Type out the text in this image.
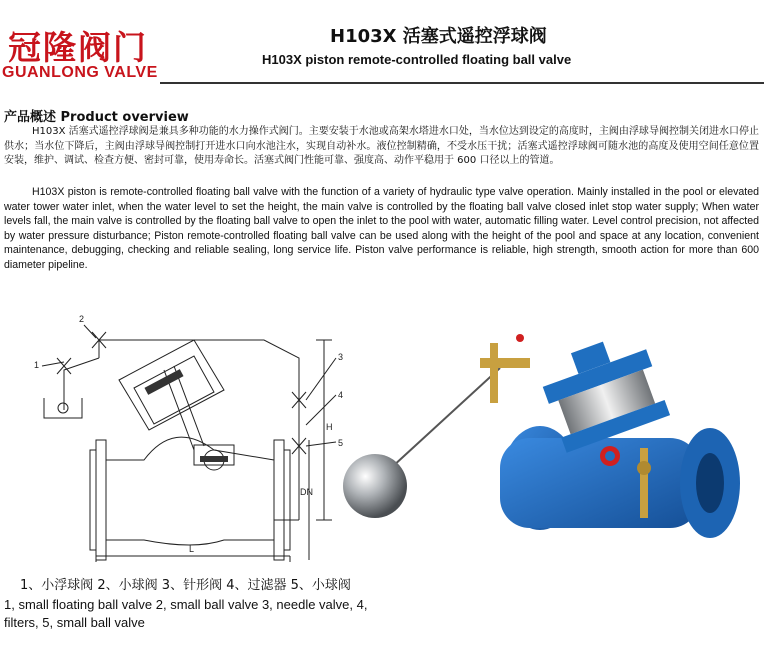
冠隆阀门
GUANLONG VALVE
H103X 活塞式遥控浮球阀
H103X piston remote-controlled floating ball valve
产品概述 Product overview

H103X 活塞式遥控浮球阀是兼具多种功能的水力操作式阀门。主要安装于水池或高架水塔进水口处，当水位达到设定的高度时，主阀由浮球导阀控制关闭进水口停止供水；当水位下降后，主阀由浮球导阀控制打开进水口向水池注水，实现自动补水。液位控制精确，不受水压干扰；活塞式遥控浮球阀可随水池的高度及使用空间任意位置安装，维护、调试、检查方便、密封可靠，使用寿命长。活塞式阀门性能可靠、强度高、动作平稳用于 600 口径以上的管道。

H103X piston is remote-controlled floating ball valve with the function of a variety of hydraulic type valve operation. Mainly installed in the pool or elevated water tower water inlet, when the water level to set the height, the main valve is controlled by the floating ball valve closed inlet stop water supply; When water levels fall, the main valve is controlled by the floating ball valve to open the inlet to the pool with water, automatic filling water. Level control precision, not affected by water pressure disturbance; Piston remote-controlled floating ball valve can be used along with the height of the pool and space at any location, convenient maintenance, debugging, checking and reliable sealing, long service life. Piston valve performance is reliable, high strength, smooth action for more than 600 diameter pipeline.

1
2
3
4
5
H
DN
L
1、小浮球阀 2、小球阀 3、针形阀 4、过滤器 5、小球阀

1, small floating ball valve 2, small ball valve 3, needle valve, 4, filters, 5, small ball valve
